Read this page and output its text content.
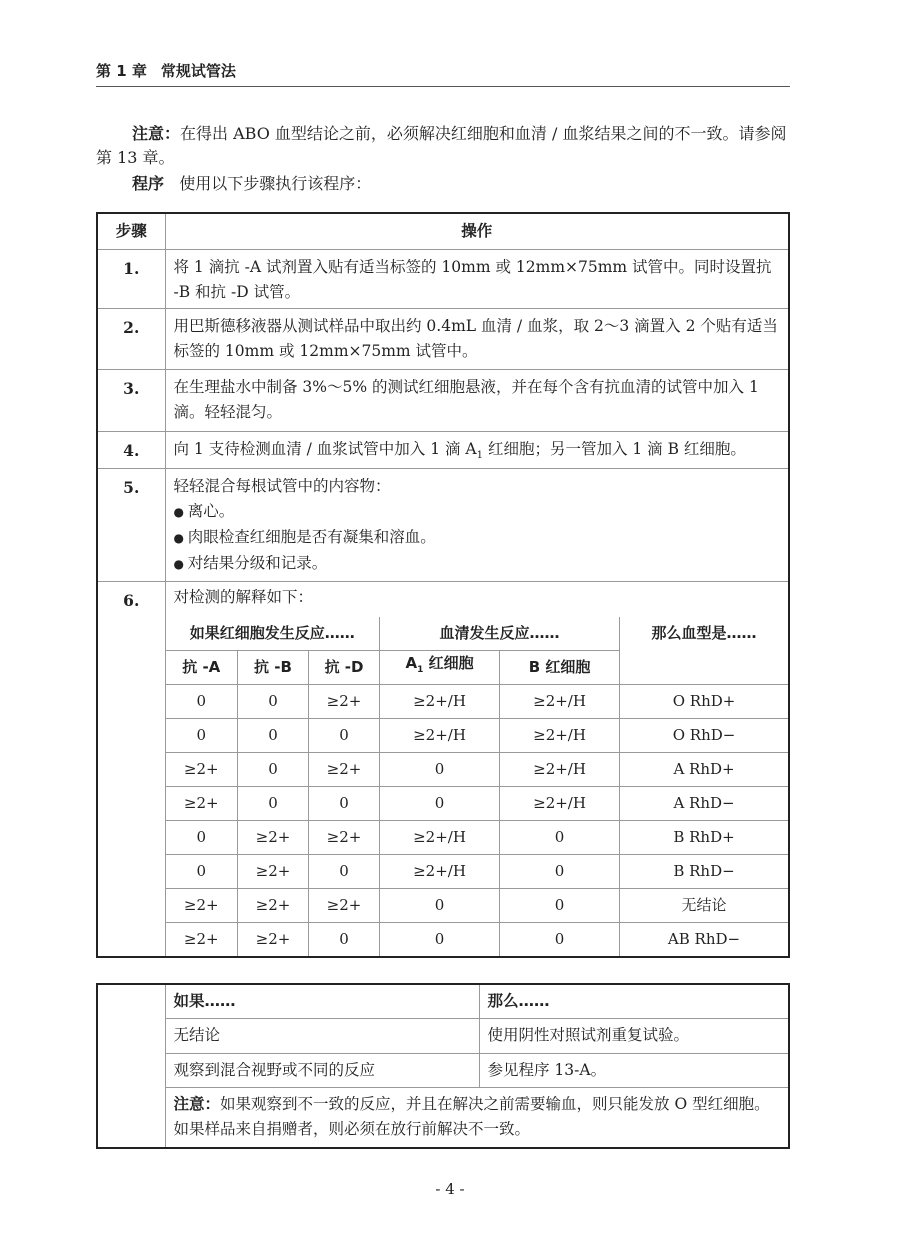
第 1 章 常规试管法
注意：在得出 ABO 血型结论之前，必须解决红细胞和血清 / 血浆结果之间的不一致。请参阅第 13 章。
程序 使用以下步骤执行该程序：
步骤	操作
1.	将 1 滴抗 -A 试剂置入贴有适当标签的 10mm 或 12mm×75mm 试管中。同时设置抗 -B 和抗 -D 试管。
2.	用巴斯德移液器从测试样品中取出约 0.4mL 血清 / 血浆，取 2～3 滴置入 2 个贴有适当标签的 10mm 或 12mm×75mm 试管中。
3.	在生理盐水中制备 3%～5% 的测试红细胞悬液，并在每个含有抗血清的试管中加入 1 滴。轻轻混匀。
4.	向 1 支待检测血清 / 血浆试管中加入 1 滴 $A_1$ 红细胞；另一管加入 1 滴 B 红细胞。
5.	轻轻混合每根试管中的内容物：
● 离心。
● 肉眼检查红细胞是否有凝集和溶血。
● 对结果分级和记录。

6.	对检测的解释如下：
如果红细胞发生反应……	血清发生反应……	那么血型是……
抗 -A	抗 -B	抗 -D	$A_1$ 红细胞	B 红细胞
0	0	≥2+	≥2+/H	≥2+/H	O RhD+
0	0	0	≥2+/H	≥2+/H	O RhD−
≥2+	0	≥2+	0	≥2+/H	A RhD+
≥2+	0	0	0	≥2+/H	A RhD−
0	≥2+	≥2+	≥2+/H	0	B RhD+
0	≥2+	0	≥2+/H	0	B RhD−
≥2+	≥2+	≥2+	0	0	无结论
≥2+	≥2+	0	0	0	AB RhD−
	如果……	那么……
	无结论	使用阴性对照试剂重复试验。
	观察到混合视野或不同的反应	参见程序 13-A。
	注意：如果观察到不一致的反应，并且在解决之前需要输血，则只能发放 O 型红细胞。如果样品来自捐赠者，则必须在放行前解决不一致。	
- 4 -
